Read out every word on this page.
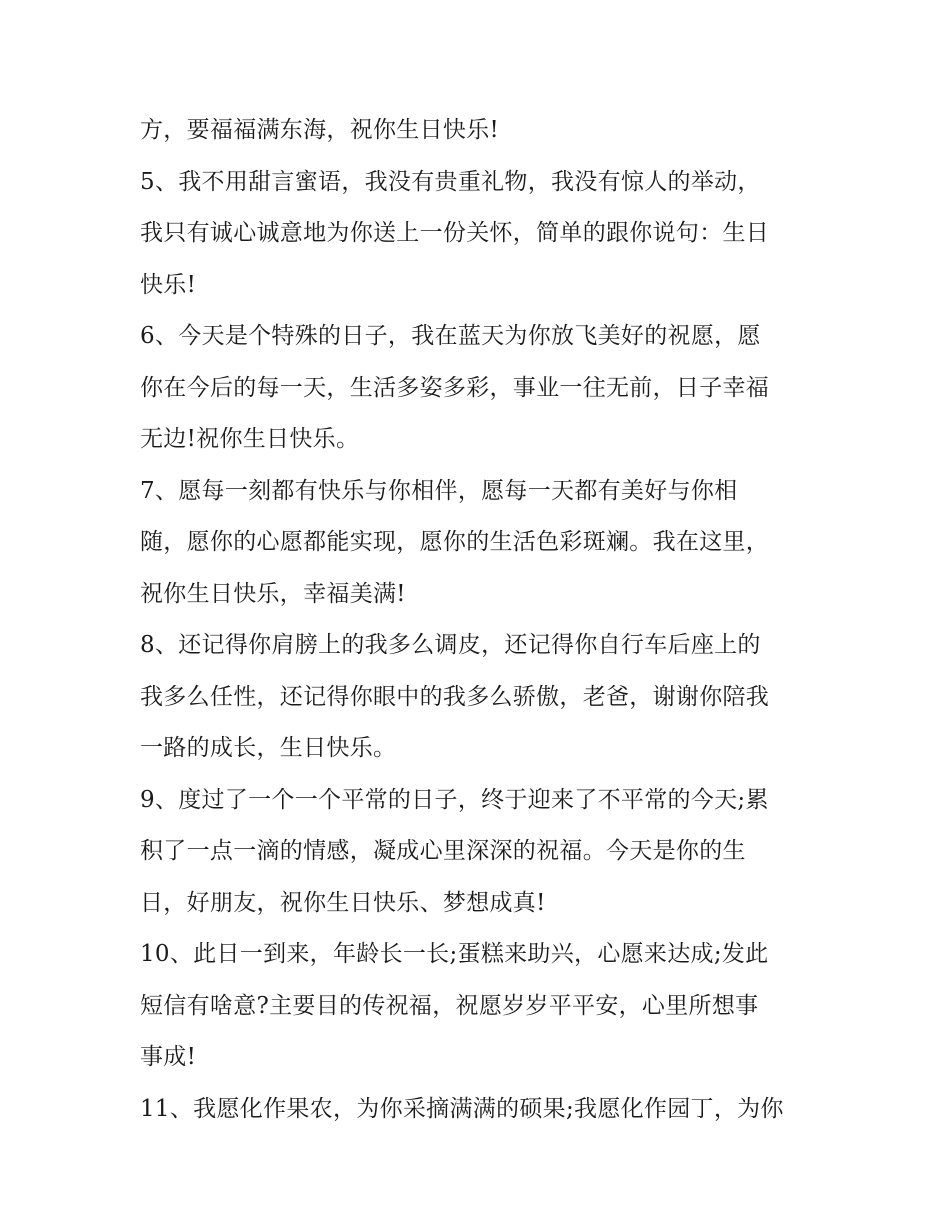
方，要福福满东海，祝你生日快乐!
5、我不用甜言蜜语，我没有贵重礼物，我没有惊人的举动，
我只有诚心诚意地为你送上一份关怀，简单的跟你说句：生日
快乐!
6、今天是个特殊的日子，我在蓝天为你放飞美好的祝愿，愿
你在今后的每一天，生活多姿多彩，事业一往无前，日子幸福
无边!祝你生日快乐。
7、愿每一刻都有快乐与你相伴，愿每一天都有美好与你相
随，愿你的心愿都能实现，愿你的生活色彩斑斓。我在这里，
祝你生日快乐，幸福美满!
8、还记得你肩膀上的我多么调皮，还记得你自行车后座上的
我多么任性，还记得你眼中的我多么骄傲，老爸，谢谢你陪我
一路的成长，生日快乐。
9、度过了一个一个平常的日子，终于迎来了不平常的今天;累
积了一点一滴的情感，凝成心里深深的祝福。今天是你的生
日，好朋友，祝你生日快乐、梦想成真!
10、此日一到来，年龄长一长;蛋糕来助兴，心愿来达成;发此
短信有啥意?主要目的传祝福，祝愿岁岁平平安，心里所想事
事成!
11、我愿化作果农，为你采摘满满的硕果;我愿化作园丁，为你
